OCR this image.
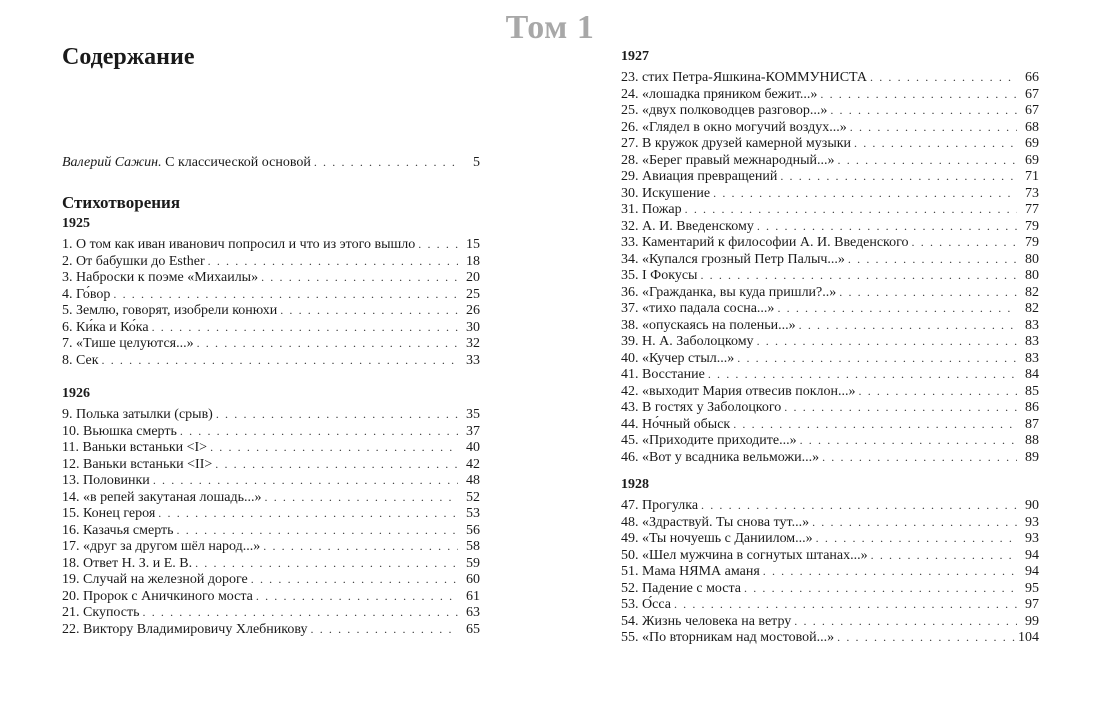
Том 1
Содержание
Валерий Сажин. С классической основой . . .	5
Стихотворения
1925
1. О том как иван иванович попросил и что из этого вышло . . .	15
2. От бабушки до Esther . . .	18
3. Наброски к поэме «Михаилы» . . .	20
4. Го́вор . . .	25
5. Землю, говорят, изобрели конюхи . . .	26
6. Ки́ка и Ко́ка . . .	30
7. «Тише целуются...» . . .	32
8. Сек . . .	33
1926
9. Полька затылки (срыв) . . .	35
10. Вьюшка смерть . . .	37
11. Ваньки встаньки <I> . . .	40
12. Ваньки встаньки <II> . . .	42
13. Половинки . . .	48
14. «в репей закутаная лошадь...» . . .	52
15. Конец героя . . .	53
16. Казачья смерть . . .	56
17. «друг за другом шёл народ...» . . .	58
18. Ответ Н. З. и Е. В. . . .	59
19. Случай на железной дороге . . .	60
20. Пророк с Аничкиного моста . . .	61
21. Скупость . . .	63
22. Виктору Владимировичу Хлебникову . . .	65
1927
23. стих Петра-Яшкина-КОММУНИСТА . . .	66
24. «лошадка пряником бежит...» . . .	67
25. «двух полководцев разговор...» . . .	67
26. «Глядел в окно могучий воздух...» . . .	68
27. В кружок друзей камерной музыки . . .	69
28. «Берег правый межнародный...» . . .	69
29. Авиация превращений . . .	71
30. Искушение . . .	73
31. Пожар . . .	77
32. А. И. Введенскому . . .	79
33. Каментарий к философии А. И. Введенского . . .	79
34. «Купался грозный Петр Палыч...» . . .	80
35. I Фокусы . . .	80
36. «Гражданка, вы куда пришли?..» . . .	82
37. «тихо падала сосна...» . . .	82
38. «опускаясь на поленьи...» . . .	83
39. Н. А. Заболоцкому . . .	83
40. «Кучер стыл...» . . .	83
41. Восстание . . .	84
42. «выходит Мария отвесив поклон...» . . .	85
43. В гостях у Заболоцкого . . .	86
44. Но́чный обыск . . .	87
45. «Приходите приходите...» . . .	88
46. «Вот у всадника вельможи...» . . .	89
1928
47. Прогулка . . .	90
48. «Здраствуй. Ты снова тут...» . . .	93
49. «Ты ночуешь с Даниилом...» . . .	93
50. «Шел мужчина в согнутых штанах...» . . .	94
51. Мама НЯМА аманя . . .	94
52. Падение с моста . . .	95
53. О́сса . . .	97
54. Жизнь человека на ветру . . .	99
55. «По вторникам над мостовой...» . . .	104
